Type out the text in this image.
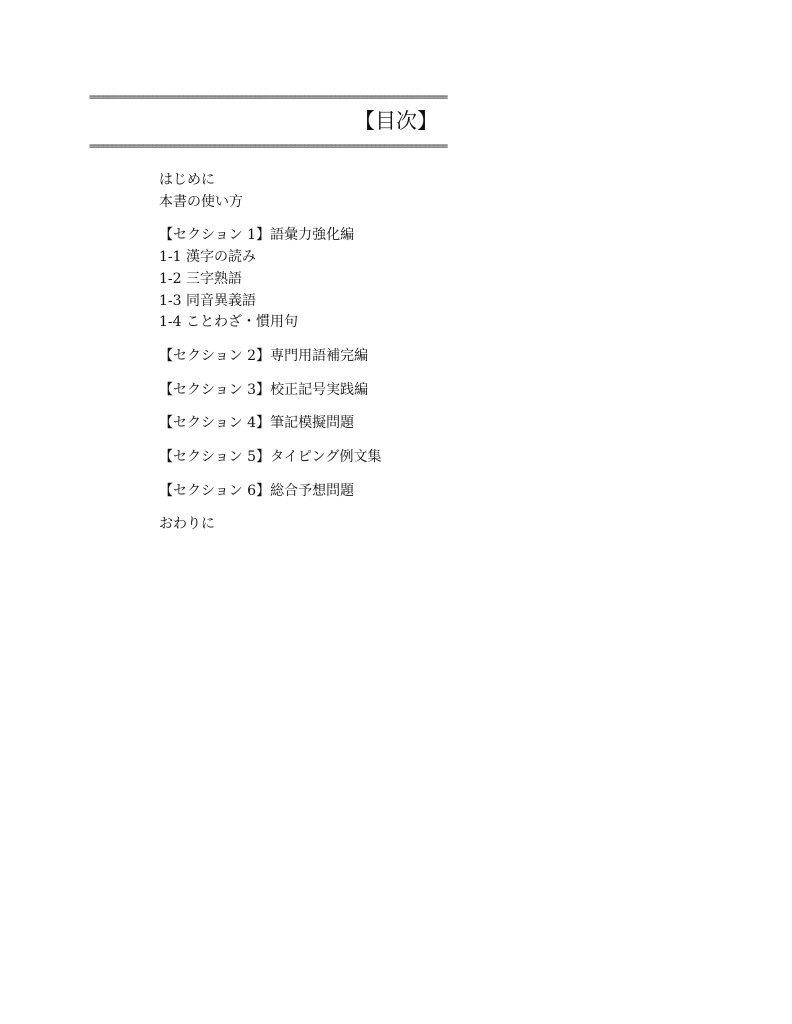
================================================================================
【目次】
================================================================================
はじめに
本書の使い方
【セクション 1】語彙力強化編
1-1 漢字の読み
1-2 三字熟語
1-3 同音異義語
1-4 ことわざ・慣用句
【セクション 2】専門用語補完編
【セクション 3】校正記号実践編
【セクション 4】筆記模擬問題
【セクション 5】タイピング例文集
【セクション 6】総合予想問題
おわりに
